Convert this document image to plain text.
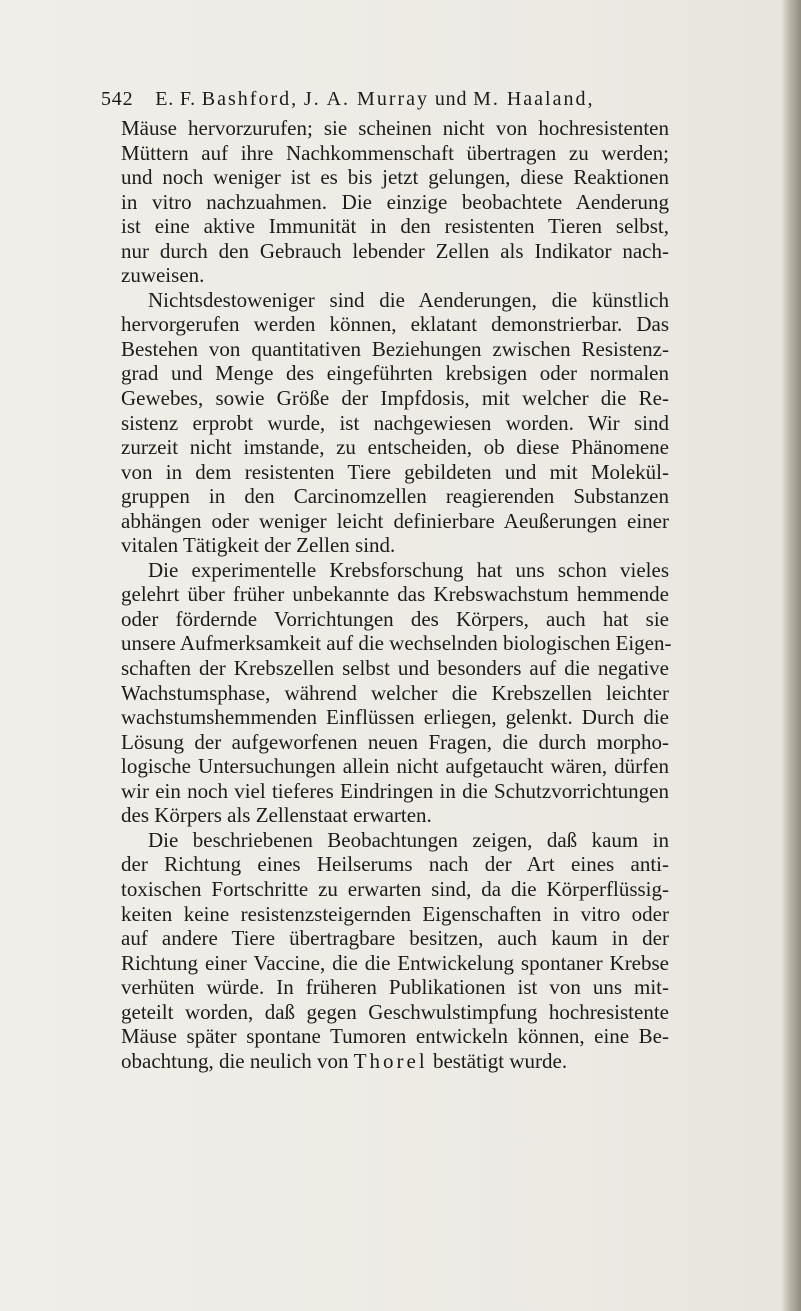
542 E. F. Bashford, J. A. Murray und M. Haaland,
Mäuse hervorzurufen; sie scheinen nicht von hochresistenten
Müttern auf ihre Nachkommenschaft übertragen zu werden;
und noch weniger ist es bis jetzt gelungen, diese Reaktionen
in vitro nachzuahmen. Die einzige beobachtete Aenderung
ist eine aktive Immunität in den resistenten Tieren selbst,
nur durch den Gebrauch lebender Zellen als Indikator nach-
zuweisen.
Nichtsdestoweniger sind die Aenderungen, die künstlich
hervorgerufen werden können, eklatant demonstrierbar. Das
Bestehen von quantitativen Beziehungen zwischen Resistenz-
grad und Menge des eingeführten krebsigen oder normalen
Gewebes, sowie Größe der Impfdosis, mit welcher die Re-
sistenz erprobt wurde, ist nachgewiesen worden. Wir sind
zurzeit nicht imstande, zu entscheiden, ob diese Phänomene
von in dem resistenten Tiere gebildeten und mit Molekül-
gruppen in den Carcinomzellen reagierenden Substanzen
abhängen oder weniger leicht definierbare Aeußerungen einer
vitalen Tätigkeit der Zellen sind.
Die experimentelle Krebsforschung hat uns schon vieles
gelehrt über früher unbekannte das Krebswachstum hemmende
oder fördernde Vorrichtungen des Körpers, auch hat sie
unsere Aufmerksamkeit auf die wechselnden biologischen Eigen-
schaften der Krebszellen selbst und besonders auf die negative
Wachstumsphase, während welcher die Krebszellen leichter
wachstumshemmenden Einflüssen erliegen, gelenkt. Durch die
Lösung der aufgeworfenen neuen Fragen, die durch morpho-
logische Untersuchungen allein nicht aufgetaucht wären, dürfen
wir ein noch viel tieferes Eindringen in die Schutzvorrichtungen
des Körpers als Zellenstaat erwarten.
Die beschriebenen Beobachtungen zeigen, daß kaum in
der Richtung eines Heilserums nach der Art eines anti-
toxischen Fortschritte zu erwarten sind, da die Körperflüssig-
keiten keine resistenzsteigernden Eigenschaften in vitro oder
auf andere Tiere übertragbare besitzen, auch kaum in der
Richtung einer Vaccine, die die Entwickelung spontaner Krebse
verhüten würde. In früheren Publikationen ist von uns mit-
geteilt worden, daß gegen Geschwulstimpfung hochresistente
Mäuse später spontane Tumoren entwickeln können, eine Be-
obachtung, die neulich von Thorel bestätigt wurde.
